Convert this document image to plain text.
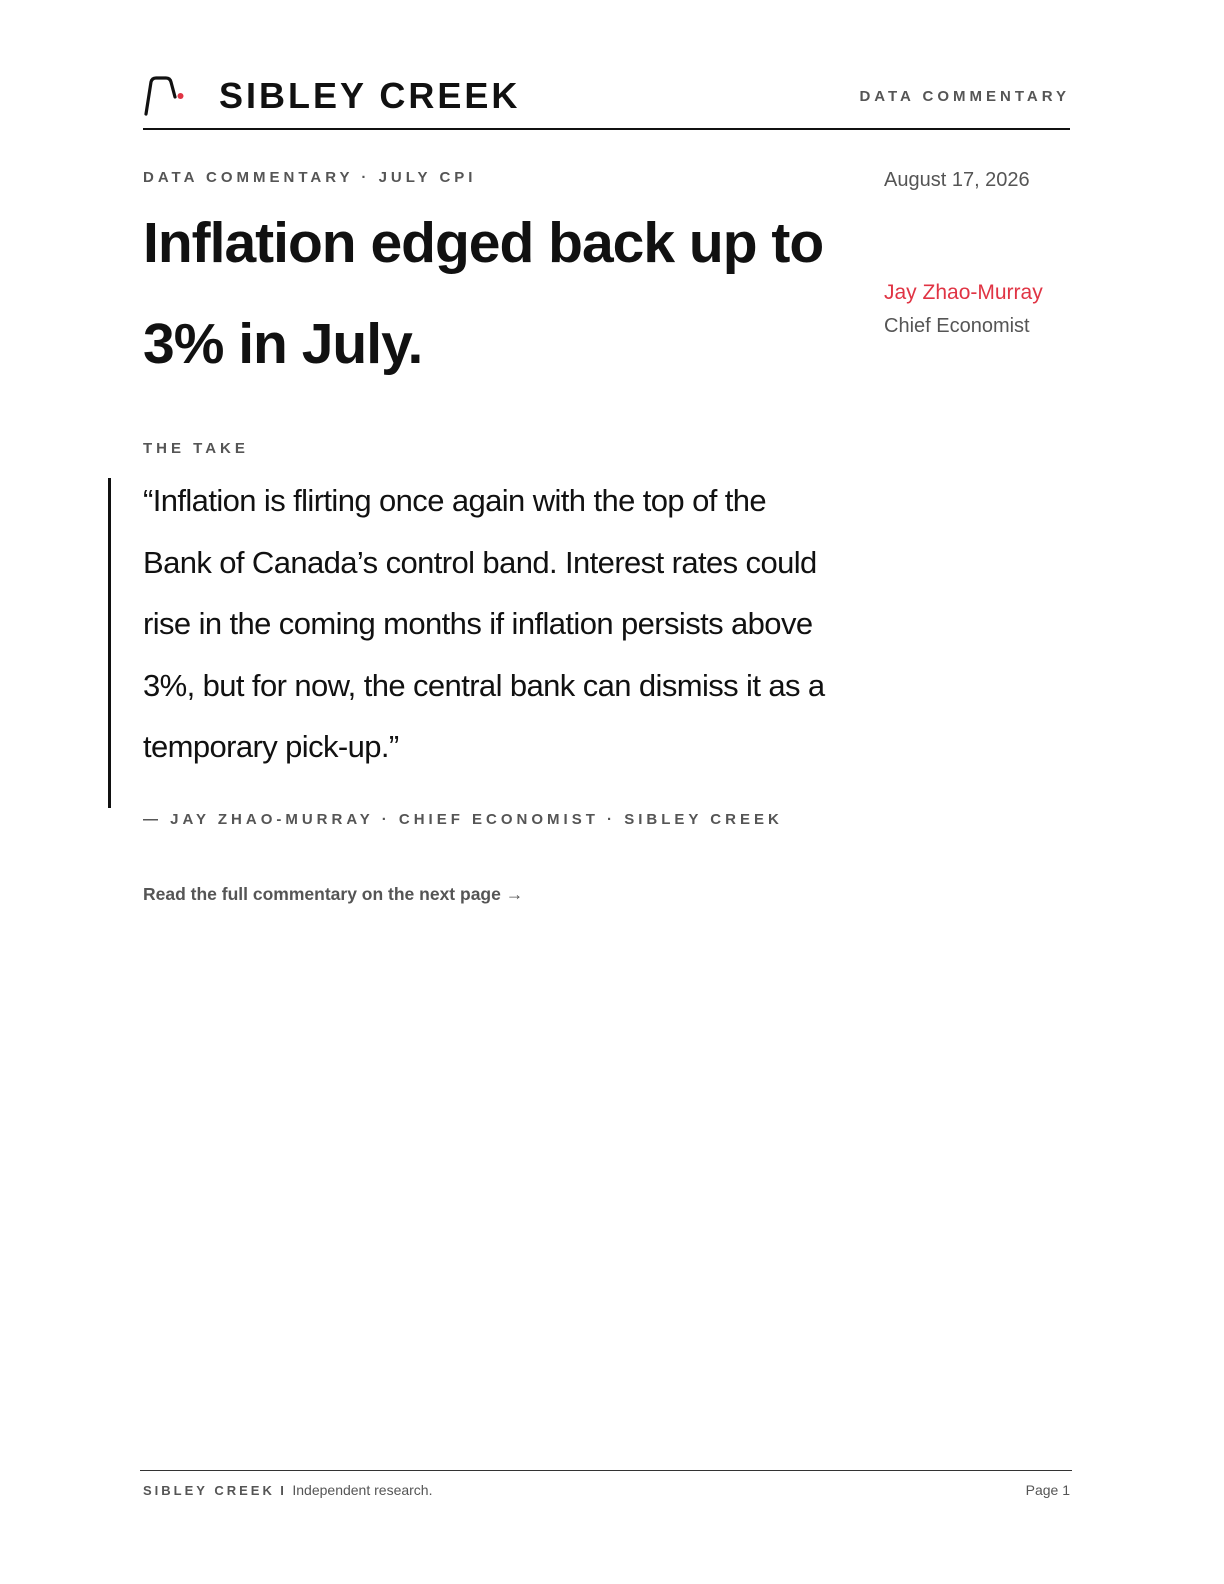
SIBLEY CREEK	DATA COMMENTARY
DATA COMMENTARY · JULY CPI
Inflation edged back up to 3% in July.
August 17, 2026
Jay Zhao-Murray
Chief Economist
THE TAKE
“Inflation is flirting once again with the top of the Bank of Canada’s control band. Interest rates could rise in the coming months if inflation persists above 3%, but for now, the central bank can dismiss it as a temporary pick-up.”
— JAY ZHAO-MURRAY · CHIEF ECONOMIST · SIBLEY CREEK
Read the full commentary on the next page →
SIBLEY CREEK I Independent research.	Page 1
